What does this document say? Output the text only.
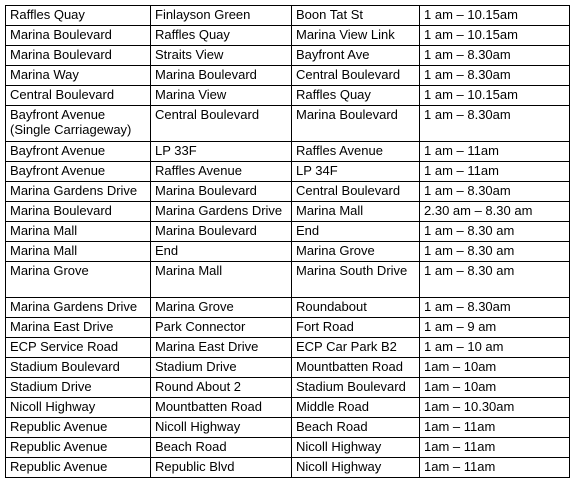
Raffles Quay	Finlayson Green	Boon Tat St	1 am – 10.15am
Marina Boulevard	Raffles Quay	Marina View Link	1 am – 10.15am
Marina Boulevard	Straits View	Bayfront Ave	1 am – 8.30am
Marina Way	Marina Boulevard	Central Boulevard	1 am – 8.30am
Central Boulevard	Marina View	Raffles Quay	1 am – 10.15am
Bayfront Avenue (Single Carriageway)	Central Boulevard	Marina Boulevard	1 am – 8.30am
Bayfront Avenue	LP 33F	Raffles Avenue	1 am – 11am
Bayfront Avenue	Raffles Avenue	LP 34F	1 am – 11am
Marina Gardens Drive	Marina Boulevard	Central Boulevard	1 am – 8.30am
Marina Boulevard	Marina Gardens Drive	Marina Mall	2.30 am – 8.30 am
Marina Mall	Marina Boulevard	End	1 am – 8.30 am
Marina Mall	End	Marina Grove	1 am – 8.30 am
Marina Grove	Marina Mall	Marina South Drive	1 am – 8.30 am
Marina Gardens Drive	Marina Grove	Roundabout	1 am – 8.30am
Marina East Drive	Park Connector	Fort Road	1 am – 9 am
ECP Service Road	Marina East Drive	ECP Car Park B2	1 am – 10 am
Stadium Boulevard	Stadium Drive	Mountbatten Road	1am – 10am
Stadium Drive	Round About 2	Stadium Boulevard	1am – 10am
Nicoll Highway	Mountbatten Road	Middle Road	1am – 10.30am
Republic Avenue	Nicoll Highway	Beach Road	1am – 11am
Republic Avenue	Beach Road	Nicoll Highway	1am – 11am
Republic Avenue	Republic Blvd	Nicoll Highway	1am – 11am
